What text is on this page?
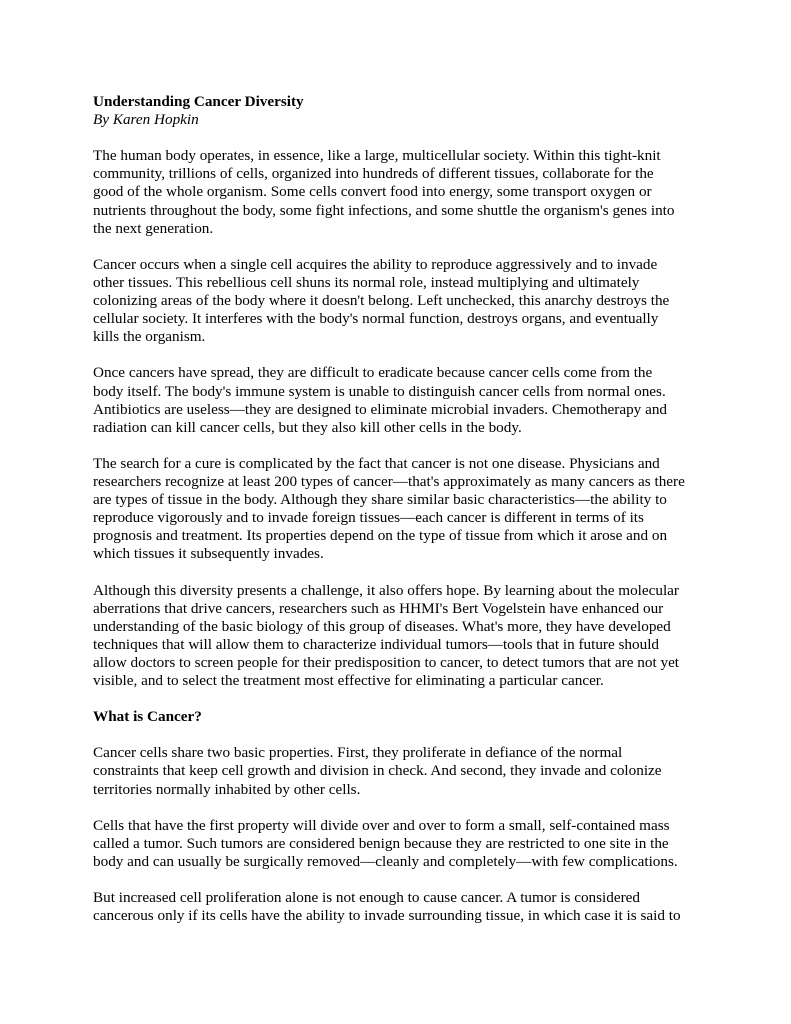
Understanding Cancer Diversity
By Karen Hopkin
The human body operates, in essence, like a large, multicellular society. Within this tight-knit
community, trillions of cells, organized into hundreds of different tissues, collaborate for the
good of the whole organism. Some cells convert food into energy, some transport oxygen or
nutrients throughout the body, some fight infections, and some shuttle the organism's genes into
the next generation.
Cancer occurs when a single cell acquires the ability to reproduce aggressively and to invade
other tissues. This rebellious cell shuns its normal role, instead multiplying and ultimately
colonizing areas of the body where it doesn't belong. Left unchecked, this anarchy destroys the
cellular society. It interferes with the body's normal function, destroys organs, and eventually
kills the organism.
Once cancers have spread, they are difficult to eradicate because cancer cells come from the
body itself. The body's immune system is unable to distinguish cancer cells from normal ones.
Antibiotics are useless—they are designed to eliminate microbial invaders. Chemotherapy and
radiation can kill cancer cells, but they also kill other cells in the body.
The search for a cure is complicated by the fact that cancer is not one disease. Physicians and
researchers recognize at least 200 types of cancer—that's approximately as many cancers as there
are types of tissue in the body. Although they share similar basic characteristics—the ability to
reproduce vigorously and to invade foreign tissues—each cancer is different in terms of its
prognosis and treatment. Its properties depend on the type of tissue from which it arose and on
which tissues it subsequently invades.
Although this diversity presents a challenge, it also offers hope. By learning about the molecular
aberrations that drive cancers, researchers such as HHMI's Bert Vogelstein have enhanced our
understanding of the basic biology of this group of diseases. What's more, they have developed
techniques that will allow them to characterize individual tumors—tools that in future should
allow doctors to screen people for their predisposition to cancer, to detect tumors that are not yet
visible, and to select the treatment most effective for eliminating a particular cancer.
What is Cancer?
Cancer cells share two basic properties. First, they proliferate in defiance of the normal
constraints that keep cell growth and division in check. And second, they invade and colonize
territories normally inhabited by other cells.
Cells that have the first property will divide over and over to form a small, self-contained mass
called a tumor. Such tumors are considered benign because they are restricted to one site in the
body and can usually be surgically removed—cleanly and completely—with few complications.
But increased cell proliferation alone is not enough to cause cancer. A tumor is considered
cancerous only if its cells have the ability to invade surrounding tissue, in which case it is said to
